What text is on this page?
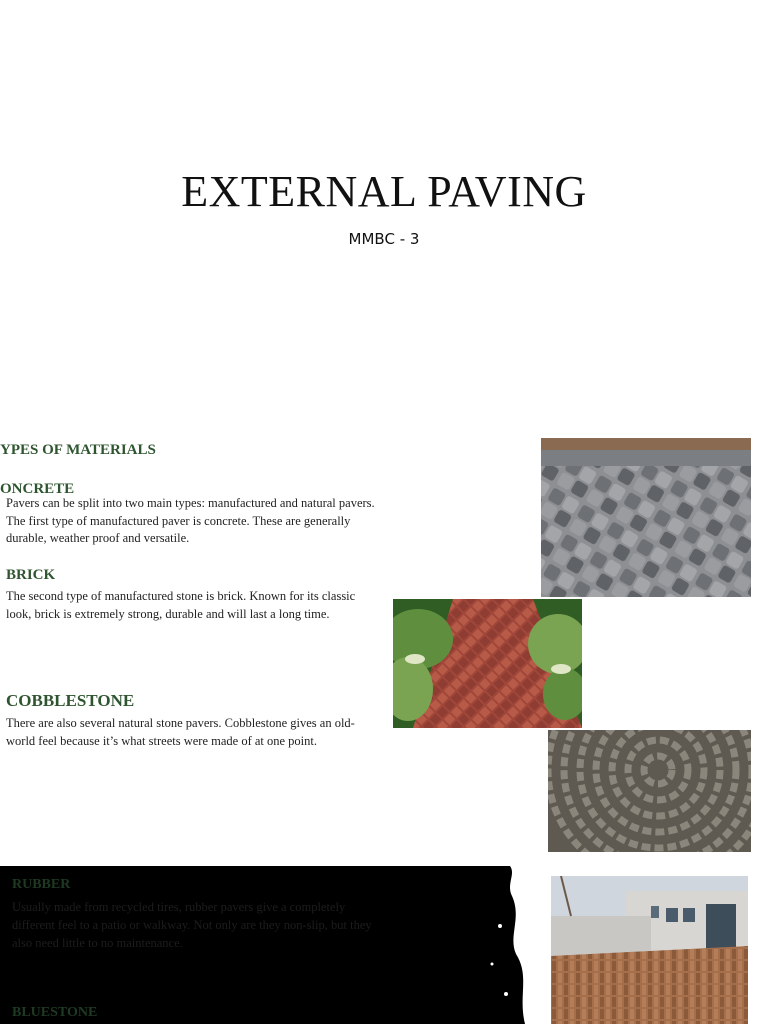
EXTERNAL PAVING
MMBC - 3
YPES OF MATERIALS
ONCRETE
Pavers can be split into two main types: manufactured and natural pavers. The first type of manufactured paver is concrete. These are generally durable, weather proof and versatile.
BRICK
The second type of manufactured stone is brick. Known for its classic look, brick is extremely strong, durable and will last a long time.
COBBLESTONE
There are also several natural stone pavers. Cobblestone gives an old-world feel because it’s what streets were made of at one point.
RUBBER
Usually made from recycled tires, rubber pavers give a completely different feel to a patio or walkway. Not only are they non-slip, but they also need little to no maintenance.
BLUESTONE
